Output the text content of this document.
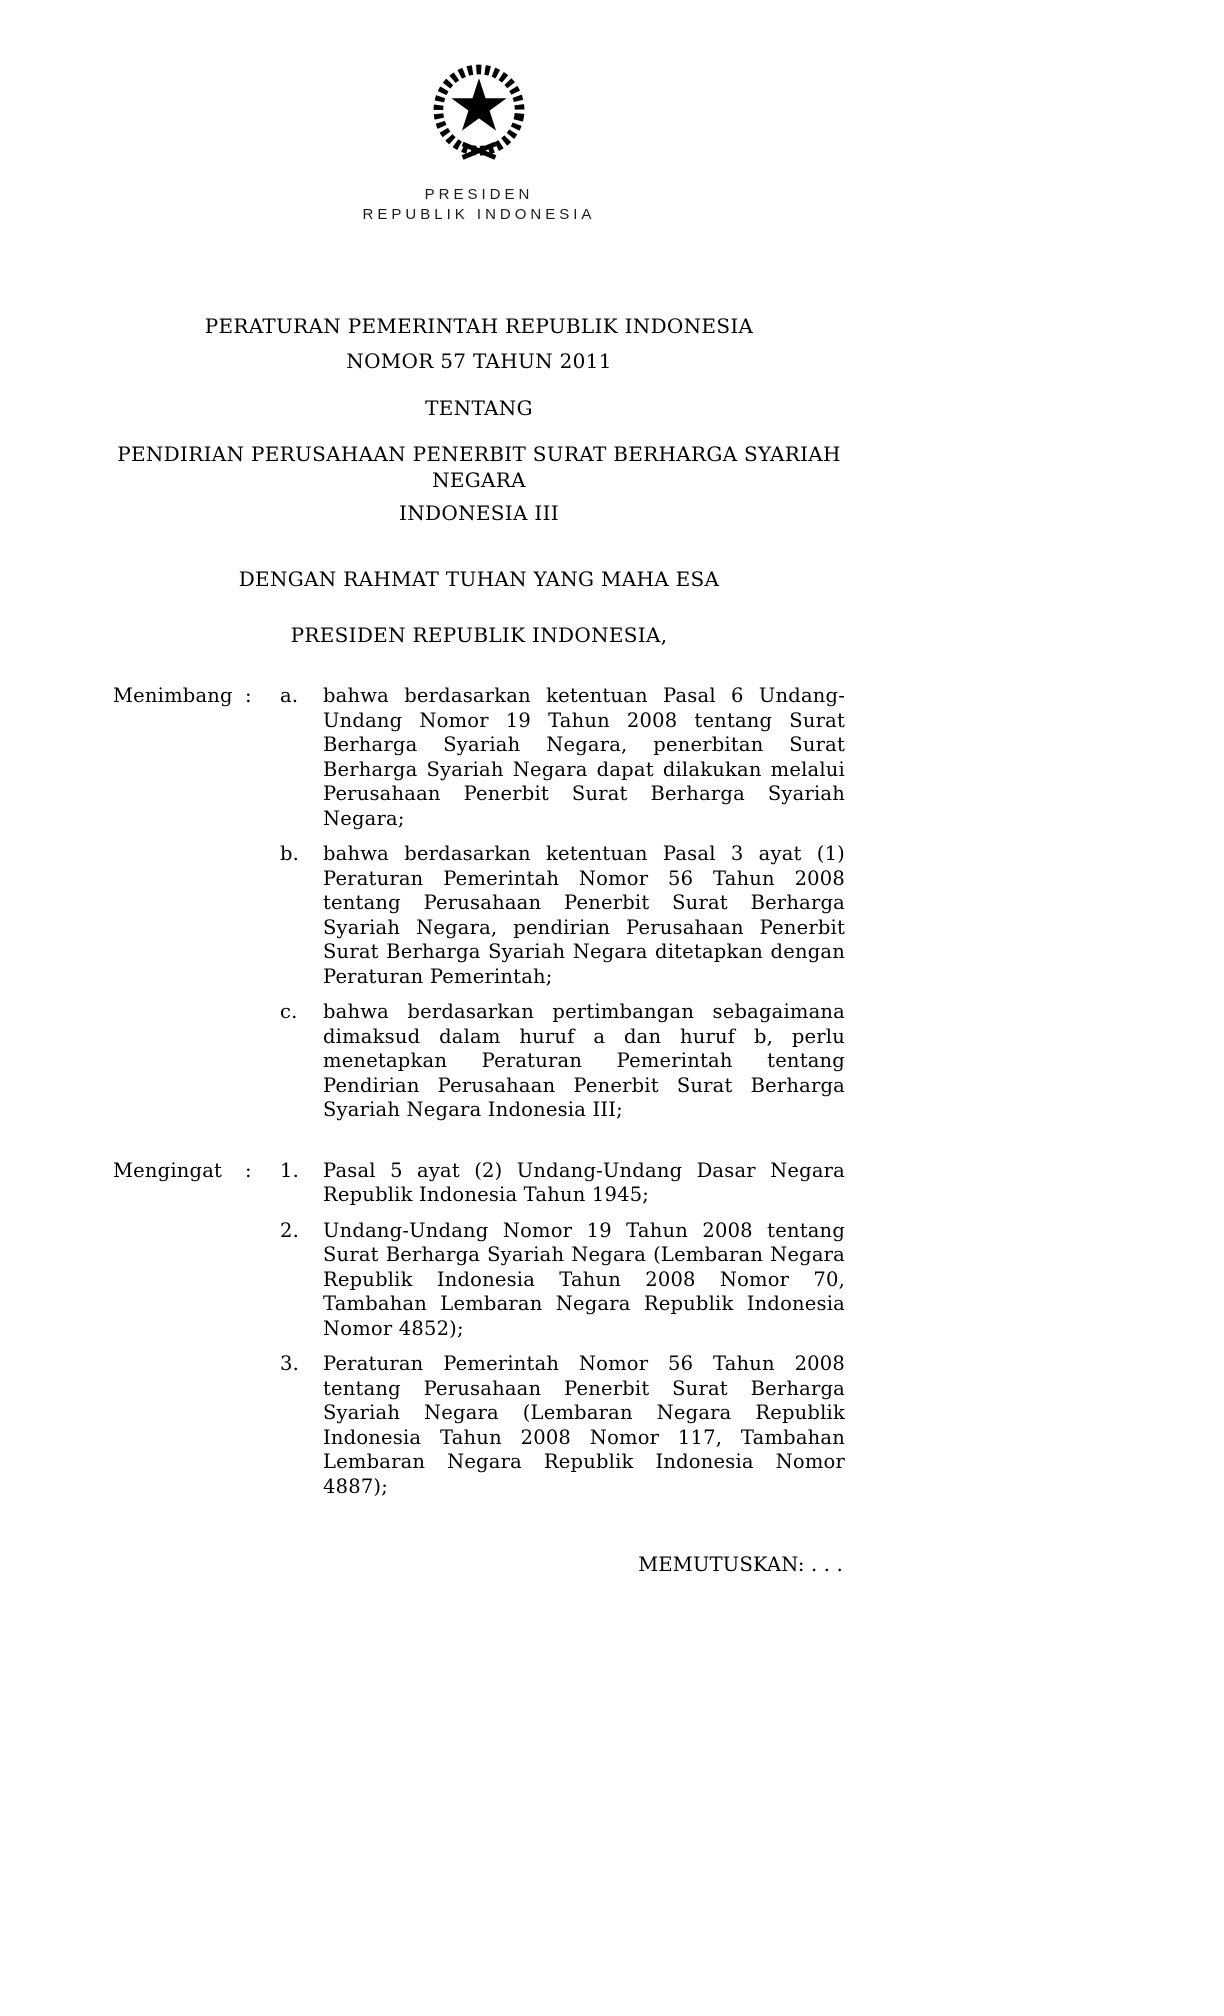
PRESIDEN
REPUBLIK INDONESIA
PERATURAN PEMERINTAH REPUBLIK INDONESIA
NOMOR 57 TAHUN 2011
TENTANG
PENDIRIAN PERUSAHAAN PENERBIT SURAT BERHARGA SYARIAH NEGARA
INDONESIA III
DENGAN RAHMAT TUHAN YANG MAHA ESA
PRESIDEN REPUBLIK INDONESIA,
Menimbang :	a.	bahwa berdasarkan ketentuan Pasal 6 Undang-Undang Nomor 19 Tahun 2008 tentang Surat Berharga Syariah Negara, penerbitan Surat Berharga Syariah Negara dapat dilakukan melalui Perusahaan Penerbit Surat Berharga Syariah Negara;
b.	bahwa berdasarkan ketentuan Pasal 3 ayat (1) Peraturan Pemerintah Nomor 56 Tahun 2008 tentang Perusahaan Penerbit Surat Berharga Syariah Negara, pendirian Perusahaan Penerbit Surat Berharga Syariah Negara ditetapkan dengan Peraturan Pemerintah;
c.	bahwa berdasarkan pertimbangan sebagaimana dimaksud dalam huruf a dan huruf b, perlu menetapkan Peraturan Pemerintah tentang Pendirian Perusahaan Penerbit Surat Berharga Syariah Negara Indonesia III;
Mengingat	:	1.	Pasal 5 ayat (2) Undang-Undang Dasar Negara Republik Indonesia Tahun 1945;
2.	Undang-Undang Nomor 19 Tahun 2008 tentang Surat Berharga Syariah Negara (Lembaran Negara Republik Indonesia Tahun 2008 Nomor 70, Tambahan Lembaran Negara Republik Indonesia Nomor 4852);
3.	Peraturan Pemerintah Nomor 56 Tahun 2008 tentang Perusahaan Penerbit Surat Berharga Syariah Negara (Lembaran Negara Republik Indonesia Tahun 2008 Nomor 117, Tambahan Lembaran Negara Republik Indonesia Nomor 4887);
MEMUTUSKAN: . . .
